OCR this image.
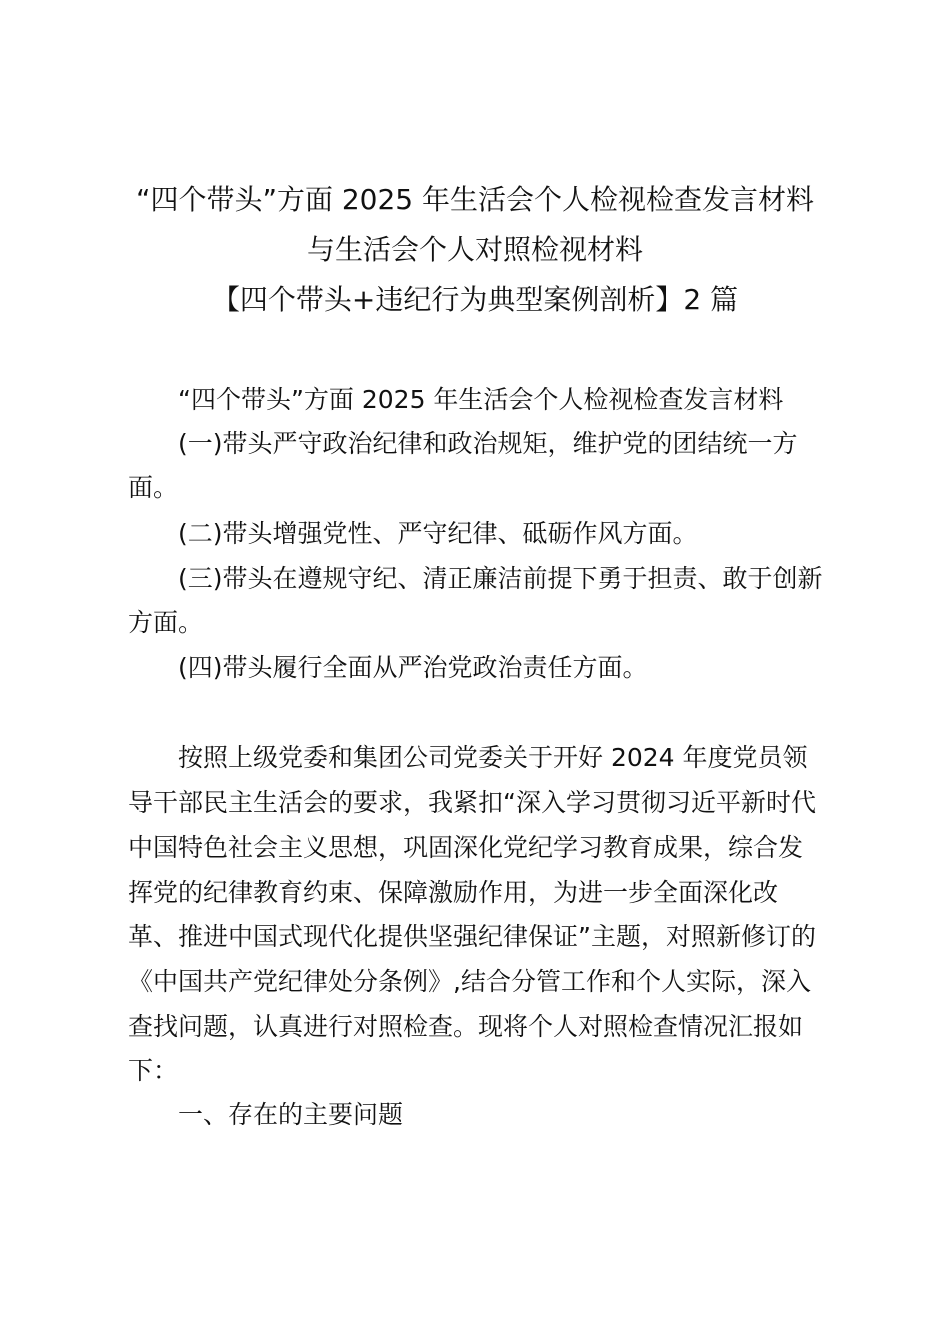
“四个带头”方面 2025 年生活会个人检视检查发言材料
与生活会个人对照检视材料
【四个带头+违纪行为典型案例剖析】2 篇
“四个带头”方面 2025 年生活会个人检视检查发言材料
(一)带头严守政治纪律和政治规矩，维护党的团结统一方
面。
(二)带头增强党性、严守纪律、砥砺作风方面。
(三)带头在遵规守纪、清正廉洁前提下勇于担责、敢于创新
方面。
(四)带头履行全面从严治党政治责任方面。
按照上级党委和集团公司党委关于开好 2024 年度党员领
导干部民主生活会的要求，我紧扣“深入学习贯彻习近平新时代
中国特色社会主义思想，巩固深化党纪学习教育成果，综合发
挥党的纪律教育约束、保障激励作用，为进一步全面深化改
革、推进中国式现代化提供坚强纪律保证”主题，对照新修订的
《中国共产党纪律处分条例》,结合分管工作和个人实际，深入
查找问题，认真进行对照检查。现将个人对照检查情况汇报如
下：
一、存在的主要问题
